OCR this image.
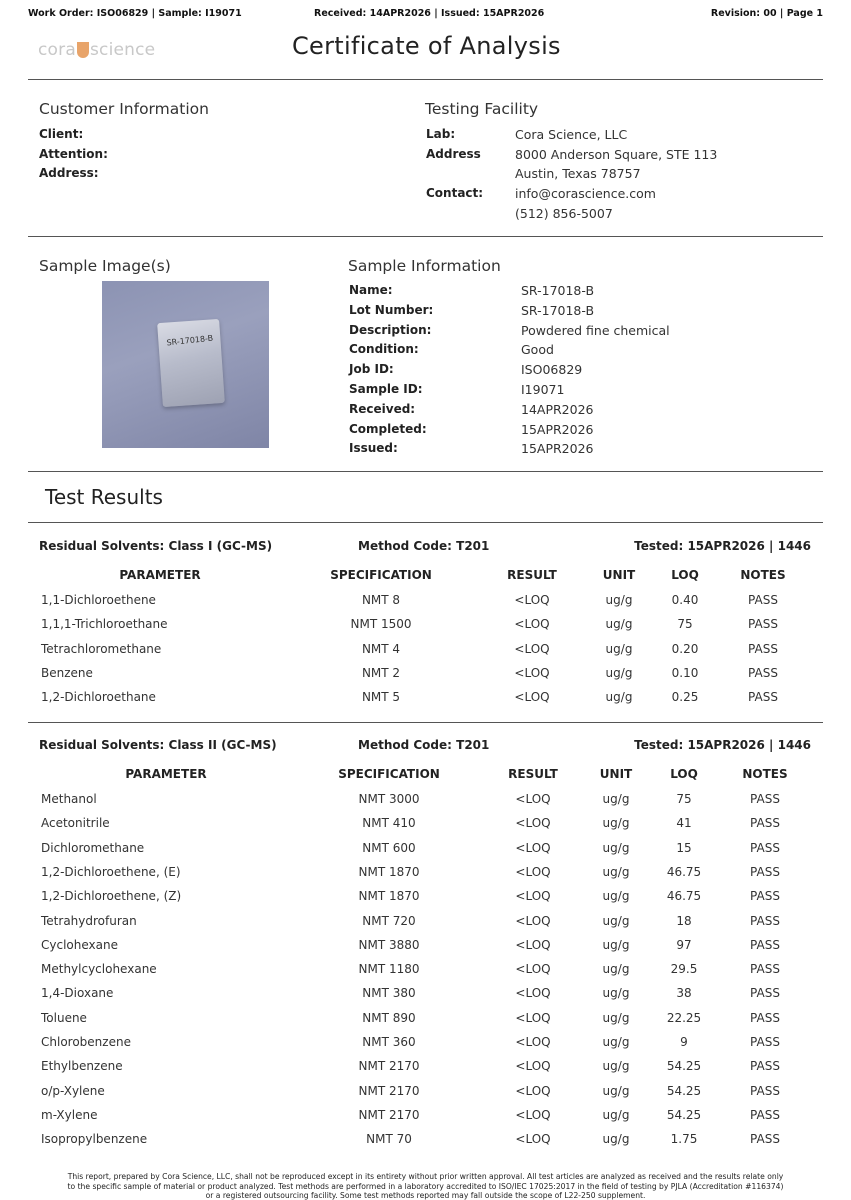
Work Order: ISO06829 | Sample: I19071	Received: 14APR2026 | Issued: 15APR2026	Revision: 00 | Page 1
cora science	Certificate of Analysis
Customer Information
Client:
Attention:
Address:
Testing Facility
Lab:	Cora Science, LLC
Address	8000 Anderson Square, STE 113
Austin, Texas 78757
Contact:	info@corascience.com
(512) 856-5007
Sample Image(s)
SR-17018-B
Sample Information
Name:	SR-17018-B
Lot Number:	SR-17018-B
Description:	Powdered fine chemical
Condition:	Good
Job ID:	ISO06829
Sample ID:	I19071
Received:	14APR2026
Completed:	15APR2026
Issued:	15APR2026
Test Results
Residual Solvents: Class I (GC-MS)	Method Code: T201	Tested: 15APR2026 | 1446
PARAMETER	SPECIFICATION	RESULT	UNIT	LOQ	NOTES
1,1-Dichloroethene	NMT 8	<LOQ	ug/g	0.40	PASS
1,1,1-Trichloroethane	NMT 1500	<LOQ	ug/g	75	PASS
Tetrachloromethane	NMT 4	<LOQ	ug/g	0.20	PASS
Benzene	NMT 2	<LOQ	ug/g	0.10	PASS
1,2-Dichloroethane	NMT 5	<LOQ	ug/g	0.25	PASS
Residual Solvents: Class II (GC-MS)	Method Code: T201	Tested: 15APR2026 | 1446
PARAMETER	SPECIFICATION	RESULT	UNIT	LOQ	NOTES
Methanol	NMT 3000	<LOQ	ug/g	75	PASS
Acetonitrile	NMT 410	<LOQ	ug/g	41	PASS
Dichloromethane	NMT 600	<LOQ	ug/g	15	PASS
1,2-Dichloroethene, (E)	NMT 1870	<LOQ	ug/g	46.75	PASS
1,2-Dichloroethene, (Z)	NMT 1870	<LOQ	ug/g	46.75	PASS
Tetrahydrofuran	NMT 720	<LOQ	ug/g	18	PASS
Cyclohexane	NMT 3880	<LOQ	ug/g	97	PASS
Methylcyclohexane	NMT 1180	<LOQ	ug/g	29.5	PASS
1,4-Dioxane	NMT 380	<LOQ	ug/g	38	PASS
Toluene	NMT 890	<LOQ	ug/g	22.25	PASS
Chlorobenzene	NMT 360	<LOQ	ug/g	9	PASS
Ethylbenzene	NMT 2170	<LOQ	ug/g	54.25	PASS
o/p-Xylene	NMT 2170	<LOQ	ug/g	54.25	PASS
m-Xylene	NMT 2170	<LOQ	ug/g	54.25	PASS
Isopropylbenzene	NMT 70	<LOQ	ug/g	1.75	PASS
This report, prepared by Cora Science, LLC, shall not be reproduced except in its entirety without prior written approval. All test articles are analyzed as received and the results relate only
to the specific sample of material or product analyzed. Test methods are performed in a laboratory accredited to ISO/IEC 17025:2017 in the field of testing by PJLA (Accreditation #116374)
or a registered outsourcing facility. Some test methods reported may fall outside the scope of L22-250 supplement.
